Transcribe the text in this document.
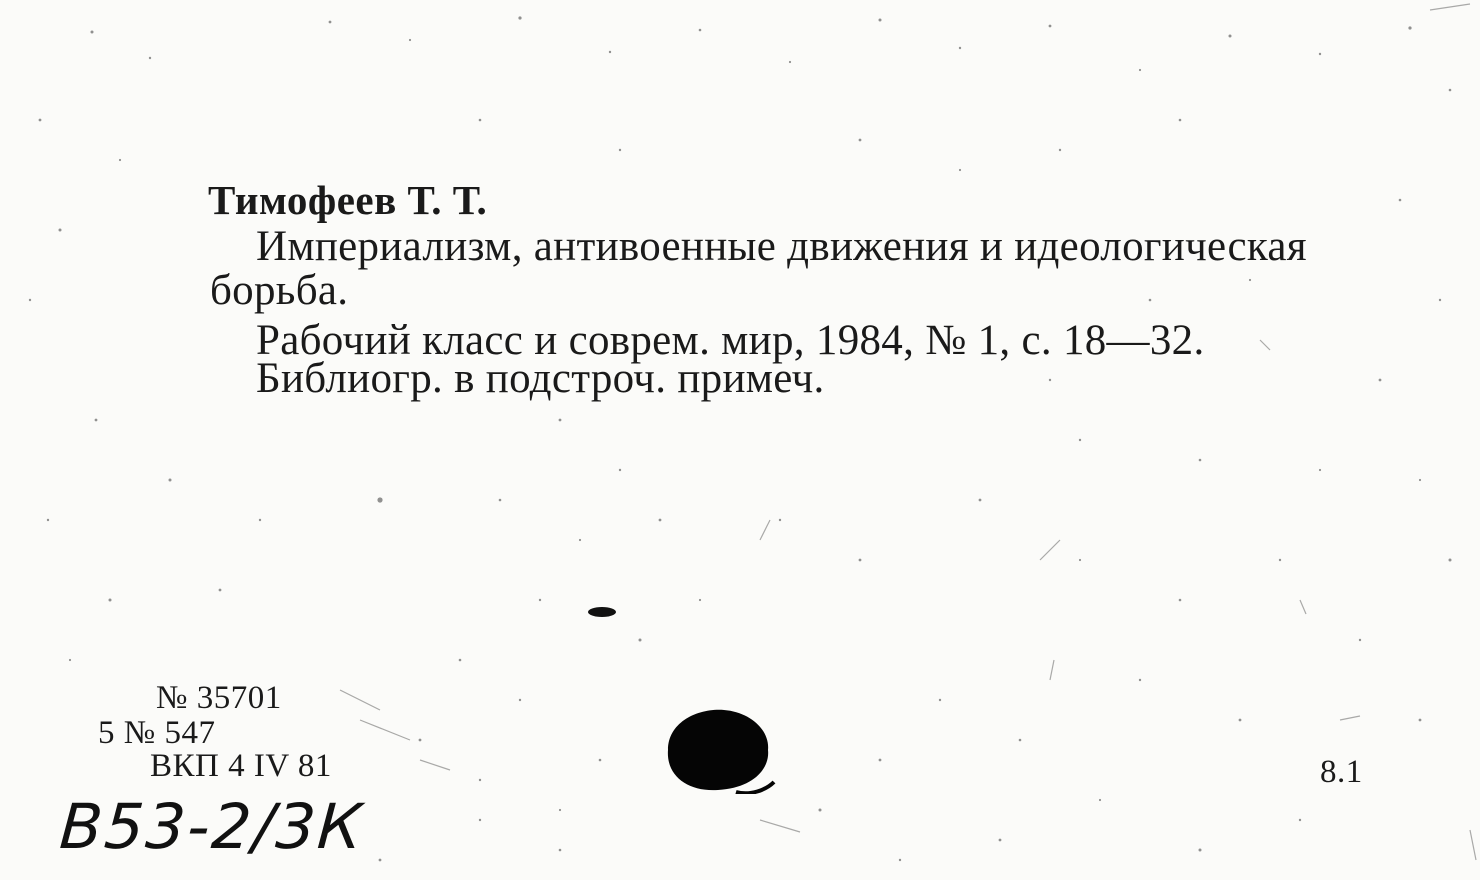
Тимофеев Т. Т.
Империализм, антивоенные движения и идеологическая
борьба.
Рабочий класс и соврем. мир, 1984, № 1, с. 18—32.
Библиогр. в подстроч. примеч.
№ 35701
5 № 547
ВКП 4 IV 81	8.1
В53-2/3К
